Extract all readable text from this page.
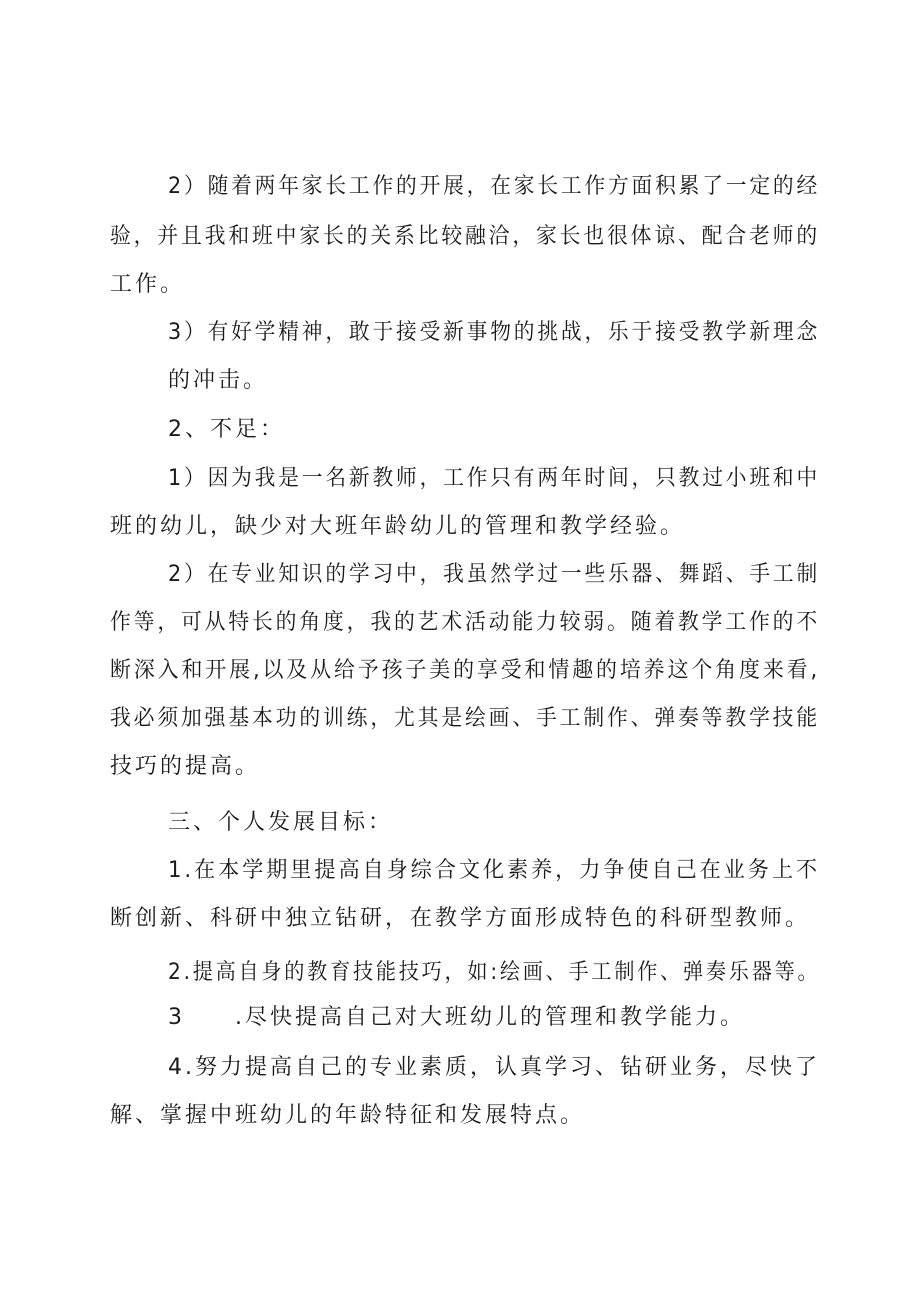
2）随着两年家长工作的开展，在家长工作方面积累了一定的经
验，并且我和班中家长的关系比较融洽，家长也很体谅、配合老师的
工作。
3）有好学精神，敢于接受新事物的挑战，乐于接受教学新理念
的冲击。
2、不足：
1）因为我是一名新教师，工作只有两年时间，只教过小班和中
班的幼儿，缺少对大班年龄幼儿的管理和教学经验。
2）在专业知识的学习中，我虽然学过一些乐器、舞蹈、手工制
作等，可从特长的角度，我的艺术活动能力较弱。随着教学工作的不
断深入和开展,以及从给予孩子美的享受和情趣的培养这个角度来看,
我必须加强基本功的训练，尤其是绘画、手工制作、弹奏等教学技能
技巧的提高。
三、个人发展目标：
1.在本学期里提高自身综合文化素养，力争使自己在业务上不
断创新、科研中独立钻研，在教学方面形成特色的科研型教师。
2.提高自身的教育技能技巧，如:绘画、手工制作、弹奏乐器等。
3　　.尽快提高自己对大班幼儿的管理和教学能力。
4.努力提高自己的专业素质，认真学习、钻研业务，尽快了
解、掌握中班幼儿的年龄特征和发展特点。
